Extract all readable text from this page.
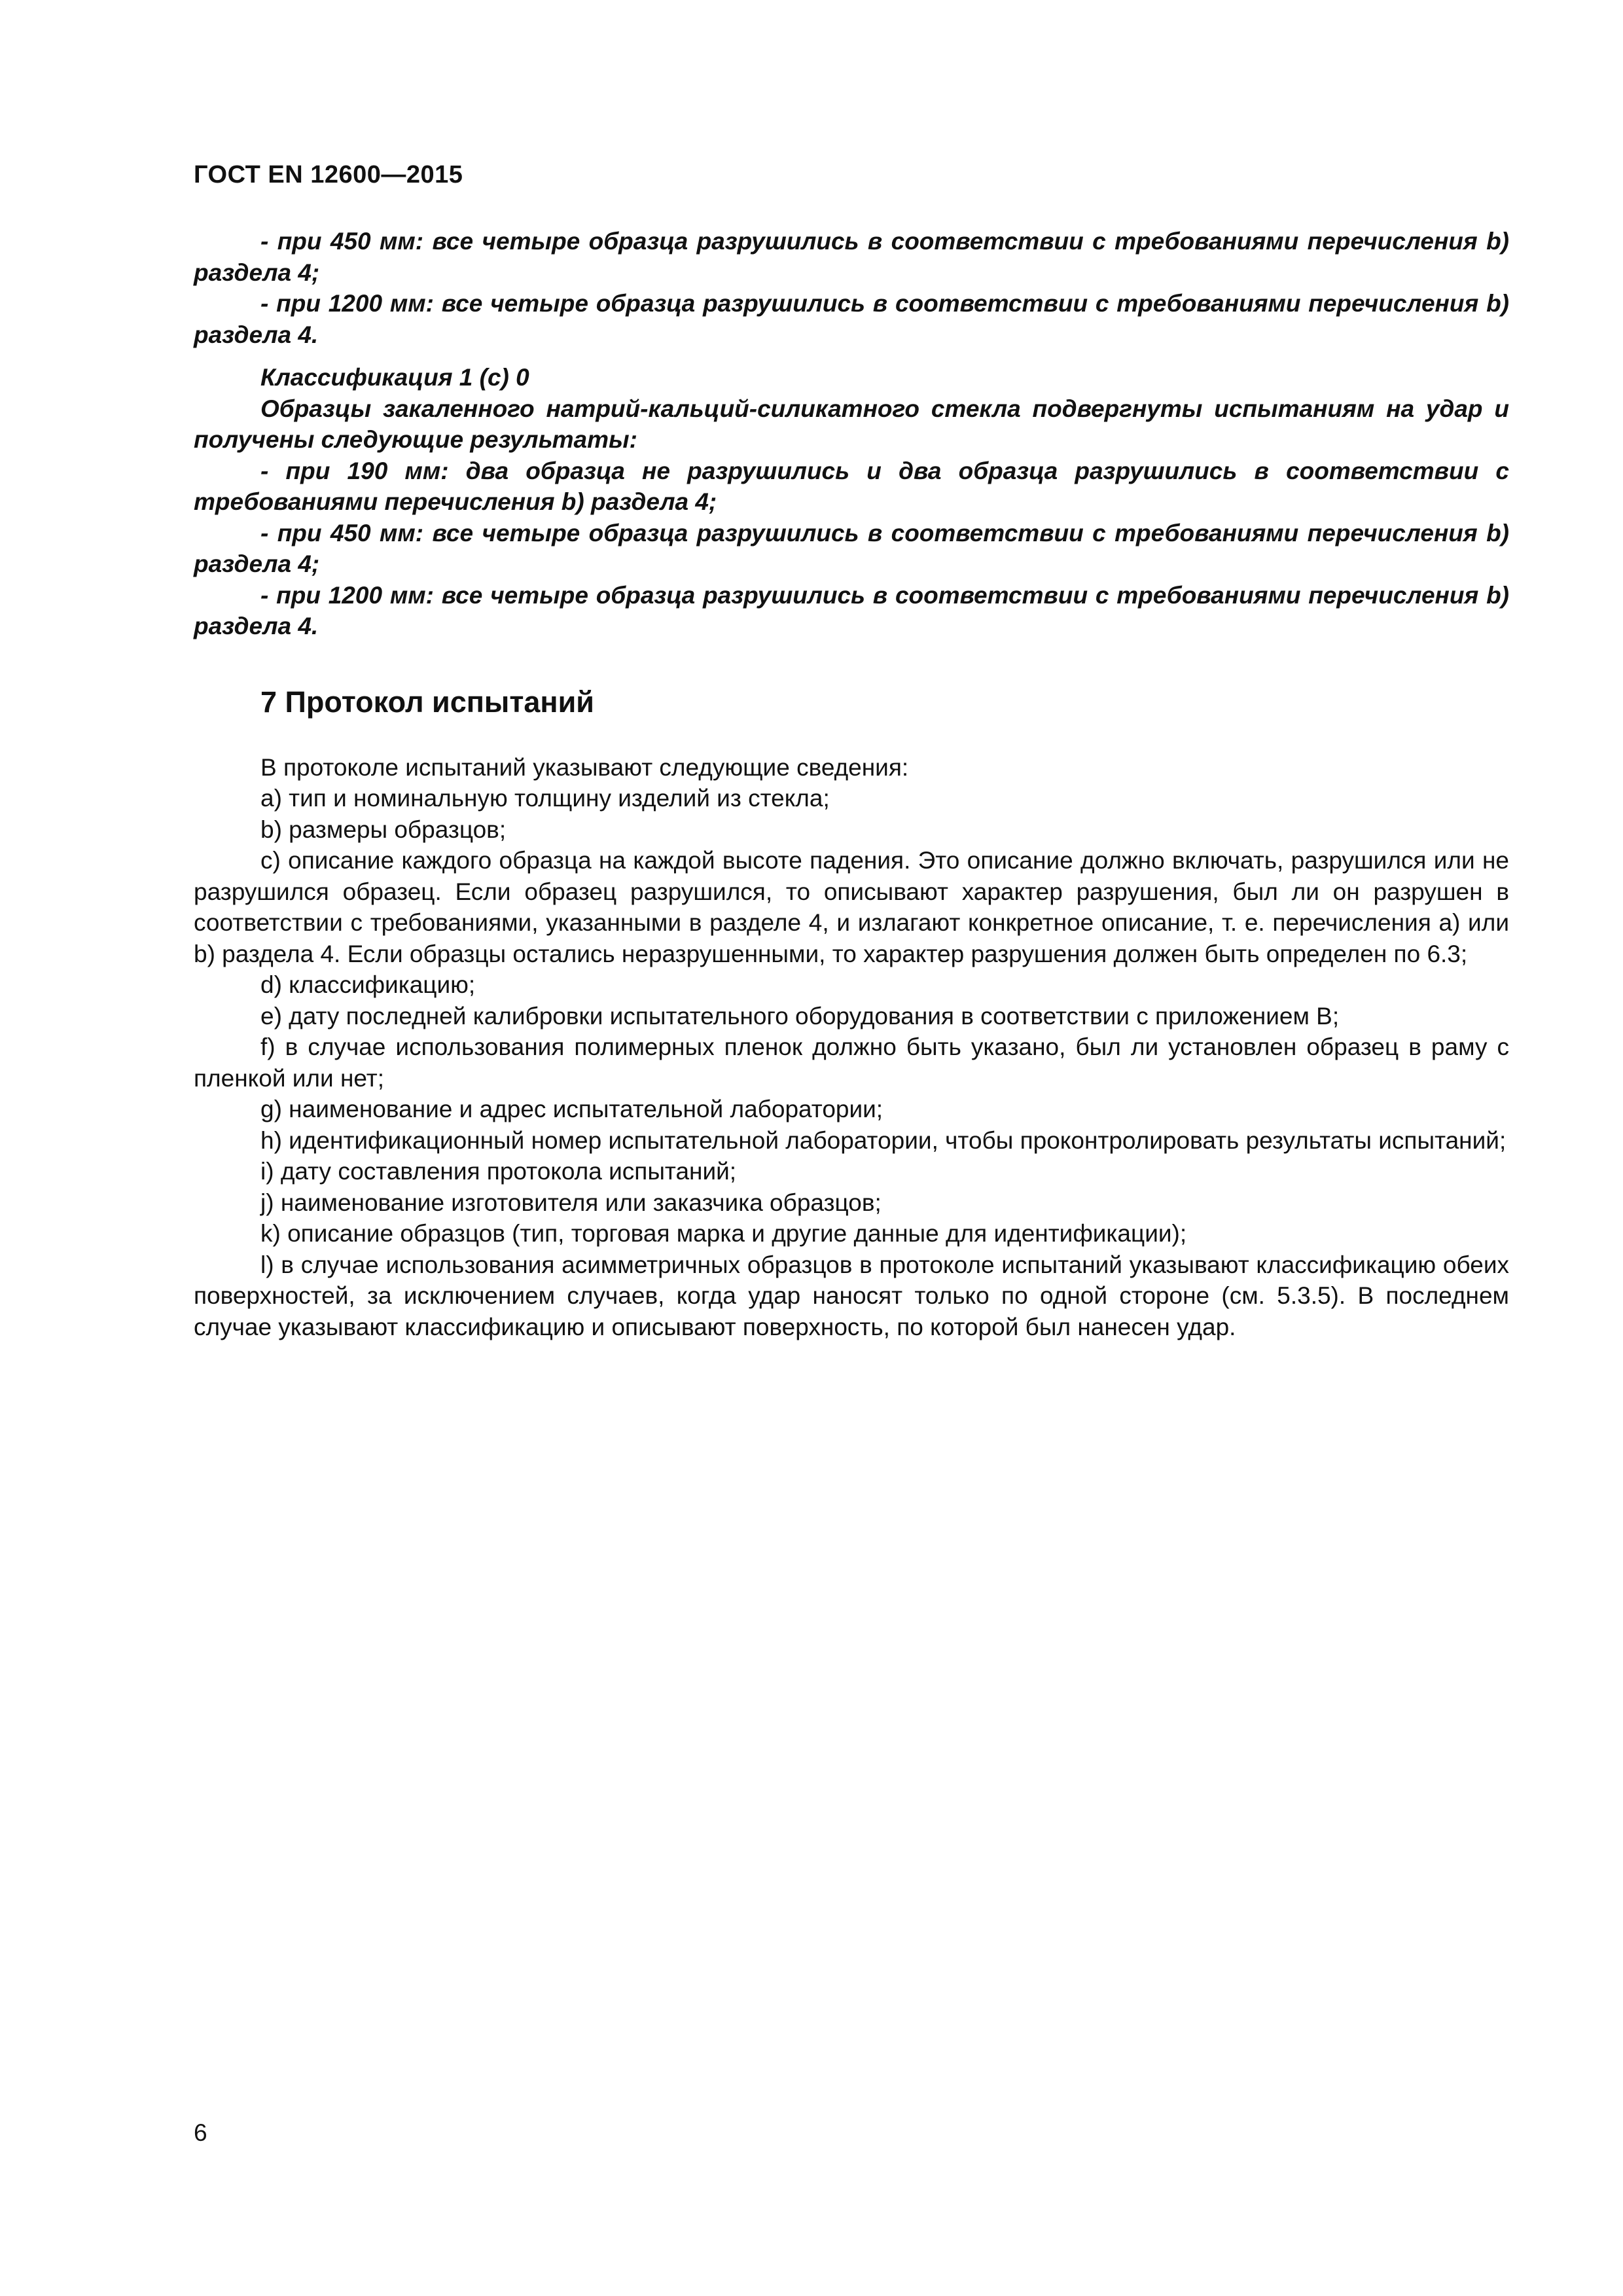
ГОСТ EN 12600—2015

- при 450 мм: все четыре образца разрушились в соответствии с требованиями перечисления b) раздела 4;

- при 1200 мм: все четыре образца разрушились в соответствии с требованиями перечисления b) раздела 4.

Классификация 1 (с) 0

Образцы закаленного натрий-кальций-силикатного стекла подвергнуты испытаниям на удар и получены следующие результаты:

- при 190 мм: два образца не разрушились и два образца разрушились в соответствии с требованиями перечисления b) раздела 4;

- при 450 мм: все четыре образца разрушились в соответствии с требованиями перечисления b) раздела 4;

- при 1200 мм: все четыре образца разрушились в соответствии с требованиями перечисления b) раздела 4.

7 Протокол испытаний

В протоколе испытаний указывают следующие сведения:

a) тип и номинальную толщину изделий из стекла;

b) размеры образцов;

c) описание каждого образца на каждой высоте падения. Это описание должно включать, разрушился или не разрушился образец. Если образец разрушился, то описывают характер разрушения, был ли он разрушен в соответствии с требованиями, указанными в разделе 4, и излагают конкретное описание, т. е. перечисления a) или b) раздела 4. Если образцы остались неразрушенными, то характер разрушения должен быть определен по 6.3;

d) классификацию;

e) дату последней калибровки испытательного оборудования в соответствии с приложением B;

f) в случае использования полимерных пленок должно быть указано, был ли установлен образец в раму с пленкой или нет;

g) наименование и адрес испытательной лаборатории;

h) идентификационный номер испытательной лаборатории, чтобы проконтролировать результаты испытаний;

i) дату составления протокола испытаний;

j) наименование изготовителя или заказчика образцов;

k) описание образцов (тип, торговая марка и другие данные для идентификации);

l) в случае использования асимметричных образцов в протоколе испытаний указывают классификацию обеих поверхностей, за исключением случаев, когда удар наносят только по одной стороне (см. 5.3.5). В последнем случае указывают классификацию и описывают поверхность, по которой был нанесен удар.

6
